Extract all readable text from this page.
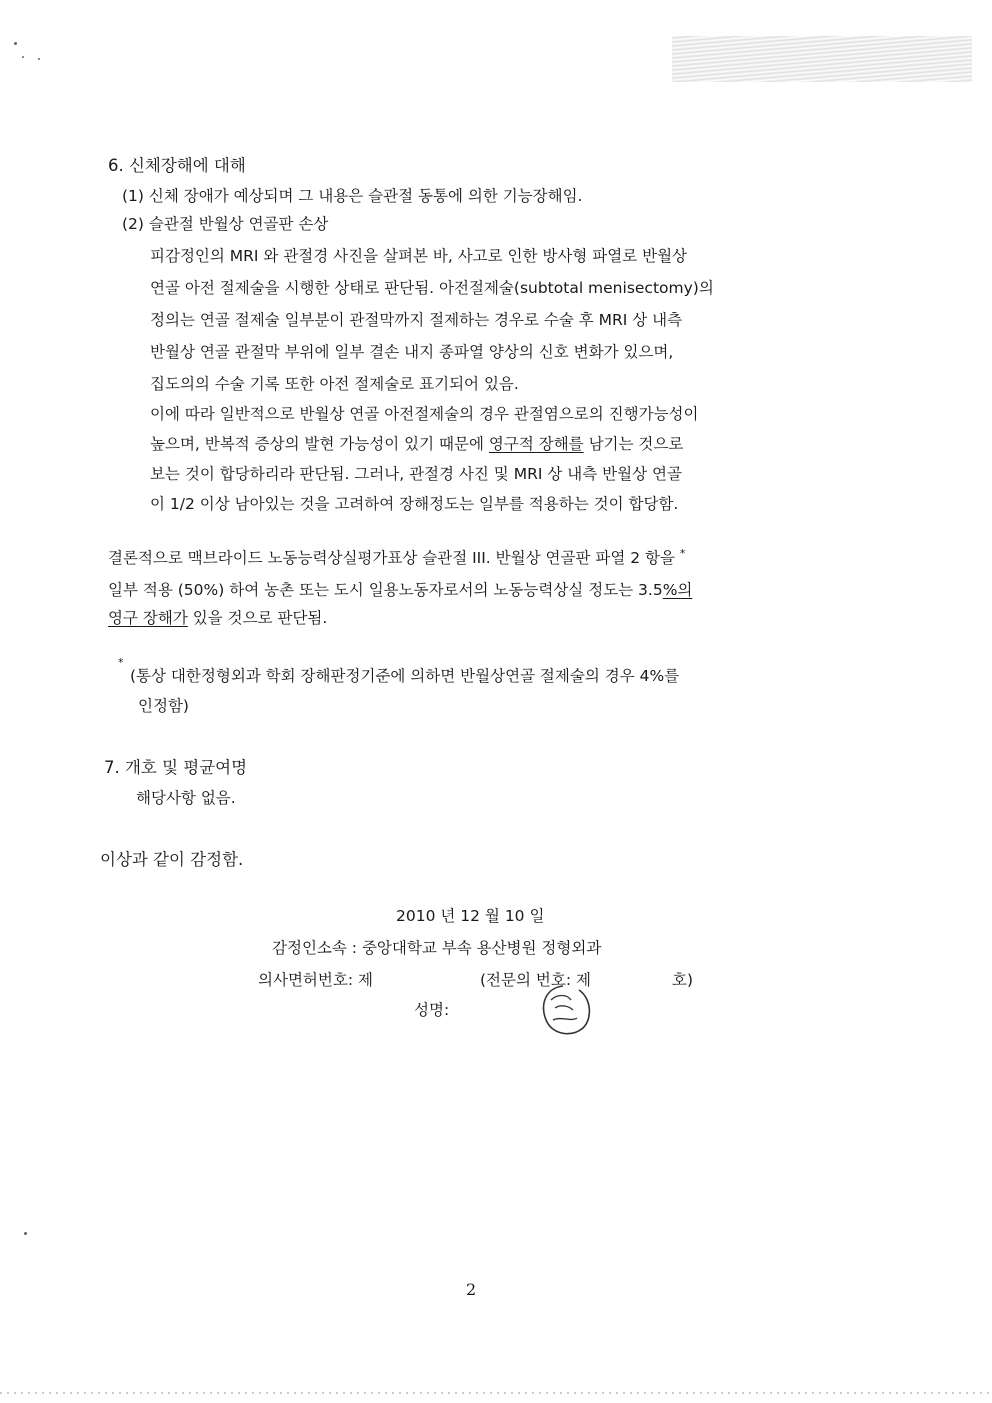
6. 신체장해에 대해
(1) 신체 장애가 예상되며 그 내용은 슬관절 동통에 의한 기능장해임.
(2) 슬관절 반월상 연골판 손상
피감정인의 MRI 와 관절경 사진을 살펴본 바, 사고로 인한 방사형 파열로 반월상
연골 아전 절제술을 시행한 상태로 판단됨. 아전절제술(subtotal menisectomy)의
정의는 연골 절제술 일부분이 관절막까지 절제하는 경우로 수술 후 MRI 상 내측
반월상 연골 관절막 부위에 일부 결손 내지 종파열 양상의 신호 변화가 있으며,
집도의의 수술 기록 또한 아전 절제술로 표기되어 있음.
이에 따라 일반적으로 반월상 연골 아전절제술의 경우 관절염으로의 진행가능성이
높으며, 반복적 증상의 발현 가능성이 있기 때문에 영구적 장해를 남기는 것으로
보는 것이 합당하리라 판단됨. 그러나, 관절경 사진 및 MRI 상 내측 반월상 연골
이 1/2 이상 남아있는 것을 고려하여 장해정도는 일부를 적용하는 것이 합당함.
결론적으로 맥브라이드 노동능력상실평가표상 슬관절 III. 반월상 연골판 파열 2 항을 *
일부 적용 (50%) 하여 농촌 또는 도시 일용노동자로서의 노동능력상실 정도는 3.5%의
영구 장해가 있을 것으로 판단됨.
*
(통상 대한정형외과 학회 장해판정기준에 의하면 반월상연골 절제술의 경우 4%를
인정함)
7. 개호 및 평균여명
해당사항 없음.
이상과 같이 감정함.
2010 년 12 월 10 일
감정인소속 : 중앙대학교 부속 용산병원 정형외과
의사면허번호: 제	(전문의 번호: 제	호)
성명:
2
